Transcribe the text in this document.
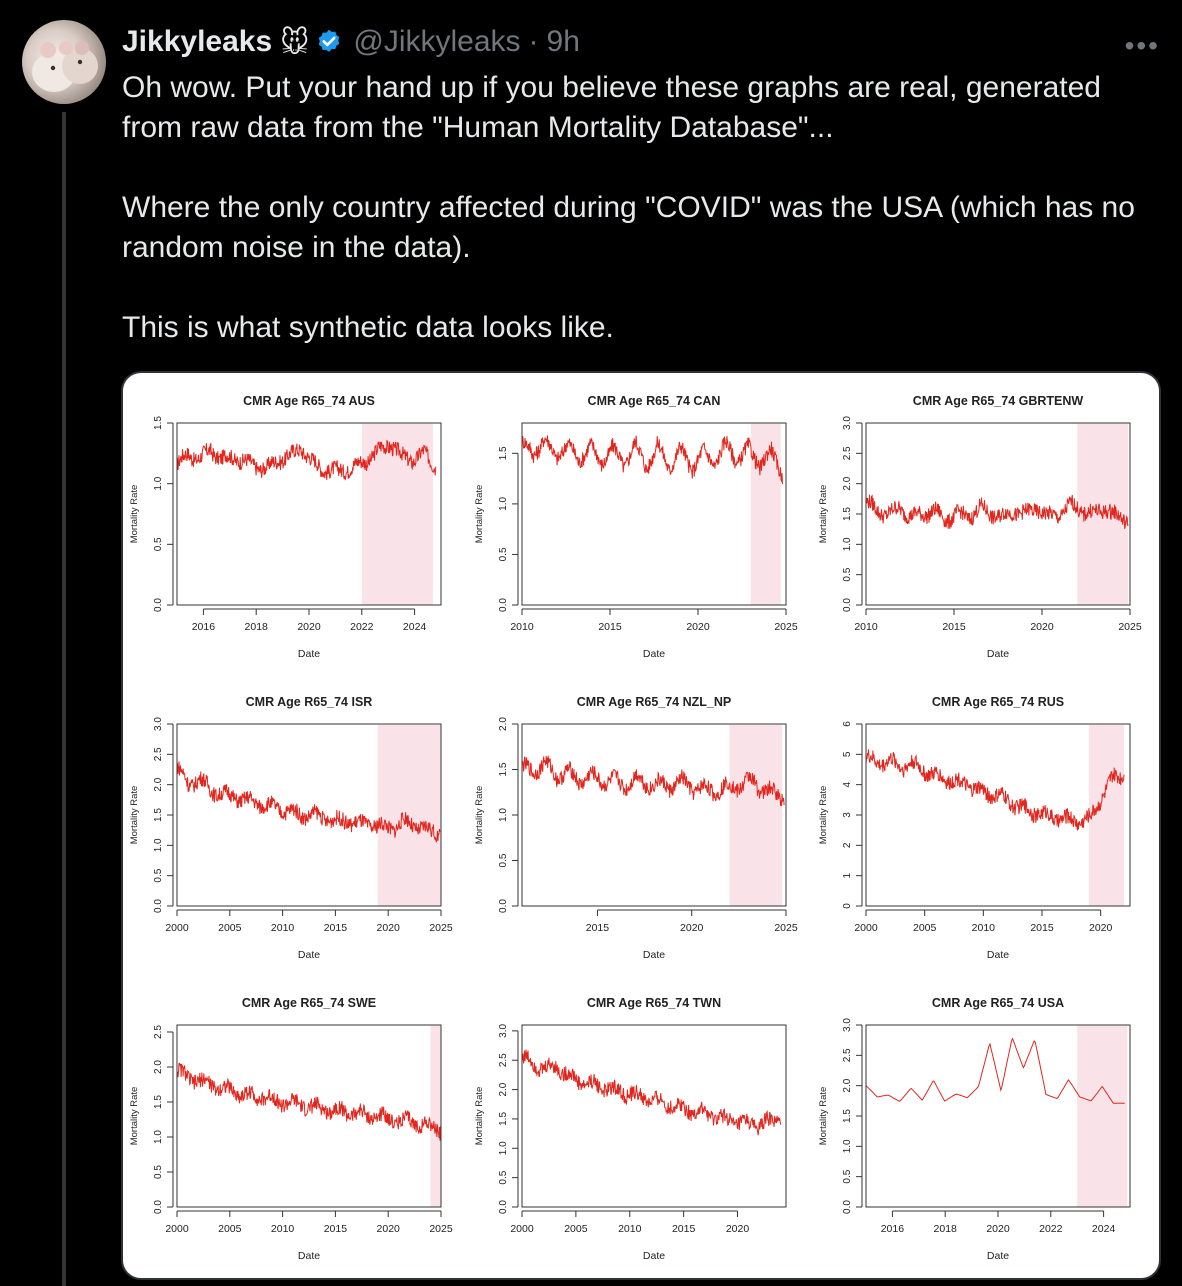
Jikkyleaks 🐭 @Jikkyleaks · 9h	•••

Oh wow. Put your hand up if you believe these graphs are real, generated from raw data from the "Human Mortality Database"...

Where the only country affected during "COVID" was the USA (which has no random noise in the data).

This is what synthetic data looks like.

CMR Age R65_74 AUS
2016	2018	2020	2022	2024
0.0
0.5
1.0
1.5
Date
Mortality Rate
CMR Age R65_74 CAN
2010	2015	2020	2025
0.0
0.5
1.0
1.5
Date
Mortality Rate
CMR Age R65_74 GBRTENW
2010	2015	2020	2025
0.0
0.5
1.0
1.5
2.0
2.5
3.0
Date
Mortality Rate
CMR Age R65_74 ISR
2000	2005	2010	2015	2020	2025
0.0
0.5
1.0
1.5
2.0
2.5
3.0
Date
Mortality Rate
CMR Age R65_74 NZL_NP
2015	2020	2025
0.0
0.5
1.0
1.5
2.0
Date
Mortality Rate
CMR Age R65_74 RUS
2000	2005	2010	2015	2020
0
1
2
3
4
5
6
Date
Mortality Rate
CMR Age R65_74 SWE
2000	2005	2010	2015	2020	2025
0.0
0.5
1.0
1.5
2.0
2.5
Date
Mortality Rate
CMR Age R65_74 TWN
2000	2005	2010	2015	2020
0.0
0.5
1.0
1.5
2.0
2.5
3.0
Date
Mortality Rate
CMR Age R65_74 USA
2016	2018	2020	2022	2024
0.0
0.5
1.0
1.5
2.0
2.5
3.0
Date
Mortality Rate
